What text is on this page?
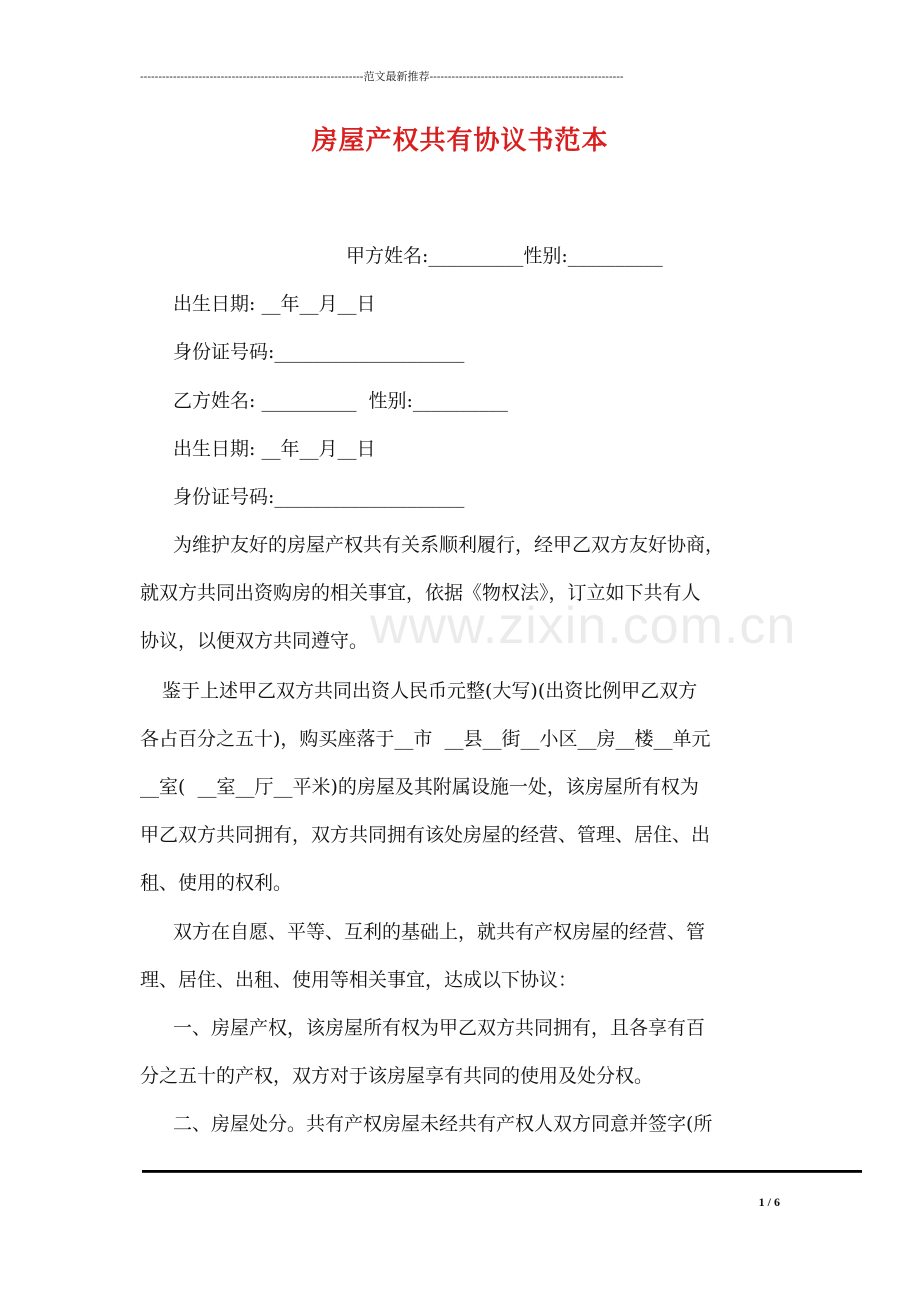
-------------------------------------------------------------范文最新推荐-----------------------------------------------------
房屋产权共有协议书范本
www.zixin.com.cn
甲方姓名:__________性别:__________
出生日期: __年__月__日
身份证号码:____________________
乙方姓名: __________  性别:__________
出生日期: __年__月__日
身份证号码:____________________
为维护友好的房屋产权共有关系顺利履行，经甲乙双方友好协商，
就双方共同出资购房的相关事宜，依据《物权法》，订立如下共有人
协议，以便双方共同遵守。
鉴于上述甲乙双方共同出资人民币元整(大写)(出资比例甲乙双方
各占百分之五十)，购买座落于__市  __县__街__小区__房__楼__单元
__室(  __室__厅__平米)的房屋及其附属设施一处，该房屋所有权为
甲乙双方共同拥有，双方共同拥有该处房屋的经营、管理、居住、出
租、使用的权利。
双方在自愿、平等、互利的基础上，就共有产权房屋的经营、管
理、居住、出租、使用等相关事宜，达成以下协议：
一、房屋产权，该房屋所有权为甲乙双方共同拥有，且各享有百
分之五十的产权，双方对于该房屋享有共同的使用及处分权。
二、房屋处分。共有产权房屋未经共有产权人双方同意并签字(所
1 / 6
